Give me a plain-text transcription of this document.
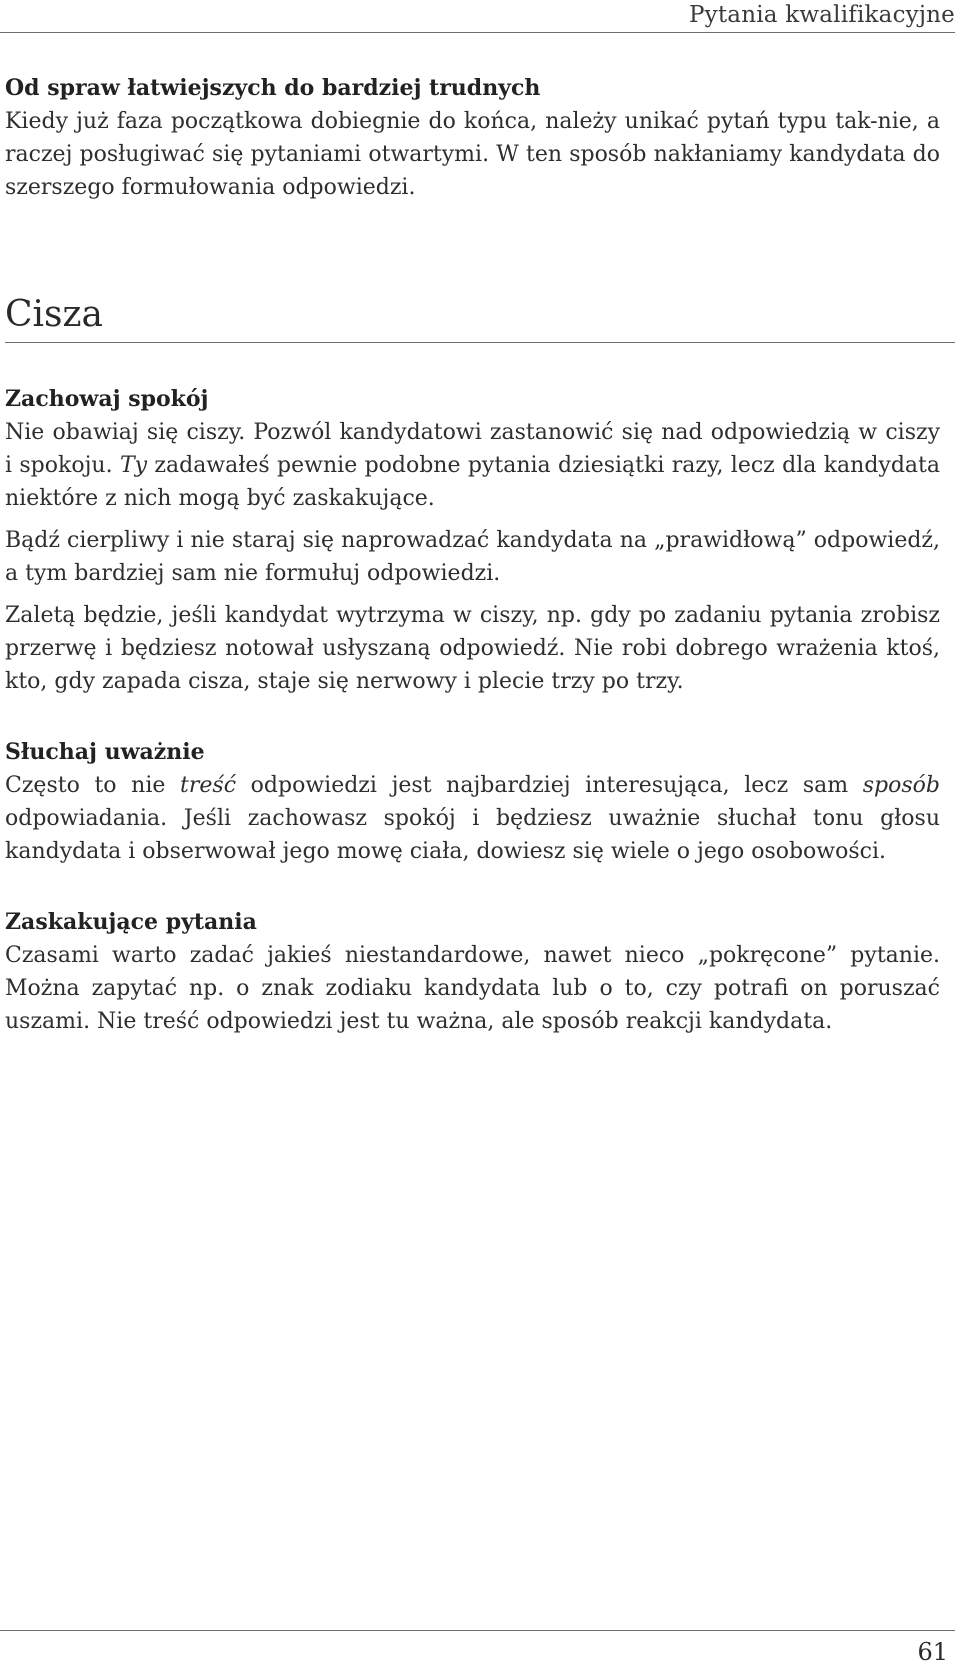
Pytania kwalifikacyjne
Od spraw łatwiejszych do bardziej trudnych

Kiedy już faza początkowa dobiegnie do końca, należy unikać pytań typu tak-nie, a raczej posługiwać się pytaniami otwartymi. W ten sposób nakłaniamy kandydata do szerszego formułowania odpowiedzi.

Cisza
Zachowaj spokój

Nie obawiaj się ciszy. Pozwól kandydatowi zastanowić się nad odpowiedzią w ciszy i spokoju. Ty zadawałeś pewnie podobne pytania dziesiątki razy, lecz dla kandydata niektóre z nich mogą być zaskakujące.

Bądź cierpliwy i nie staraj się naprowadzać kandydata na „prawidłową” odpowiedź, a tym bardziej sam nie formułuj odpowiedzi.

Zaletą będzie, jeśli kandydat wytrzyma w ciszy, np. gdy po zadaniu pytania zrobisz przerwę i będziesz notował usłyszaną odpowiedź. Nie robi dobrego wrażenia ktoś, kto, gdy zapada cisza, staje się nerwowy i plecie trzy po trzy.

Słuchaj uważnie

Często to nie treść odpowiedzi jest najbardziej interesująca, lecz sam sposób odpowiadania. Jeśli zachowasz spokój i będziesz uważnie słuchał tonu głosu kandydata i obserwował jego mowę ciała, dowiesz się wiele o jego osobowości.

Zaskakujące pytania

Czasami warto zadać jakieś niestandardowe, nawet nieco „pokręcone” pytanie. Można zapytać np. o znak zodiaku kandydata lub o to, czy potrafi on poruszać uszami. Nie treść odpowiedzi jest tu ważna, ale sposób reakcji kandydata.

61
